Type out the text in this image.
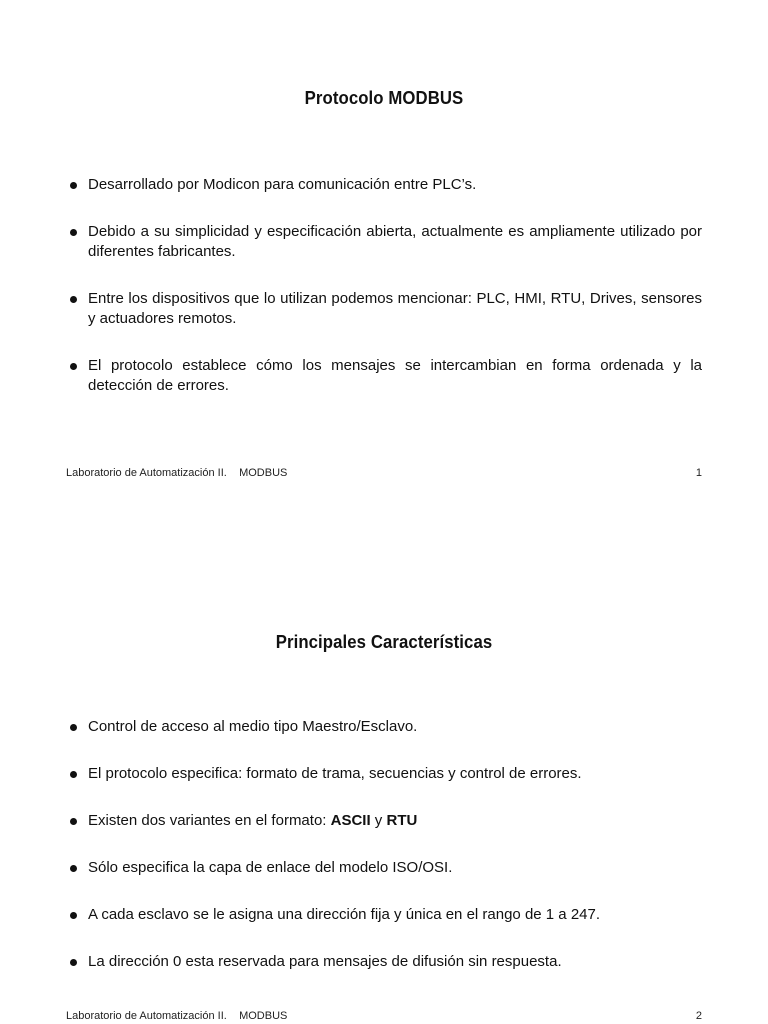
Protocolo MODBUS
Desarrollado por Modicon para comunicación entre PLC’s.
Debido a su simplicidad y especificación abierta, actualmente es ampliamente utilizado por diferentes fabricantes.
Entre los dispositivos que lo utilizan podemos mencionar: PLC, HMI, RTU, Drives, sensores y actuadores remotos.
El protocolo establece cómo los mensajes se intercambian en forma ordenada y la detección de errores.
Laboratorio de Automatización II. MODBUS	1
Principales Características
Control de acceso al medio tipo Maestro/Esclavo.
El protocolo especifica: formato de trama, secuencias y control de errores.
Existen dos variantes en el formato: ASCII y RTU
Sólo especifica la capa de enlace del modelo ISO/OSI.
A cada esclavo se le asigna una dirección fija y única en el rango de 1 a 247.
La dirección 0 esta reservada para mensajes de difusión sin respuesta.
Laboratorio de Automatización II. MODBUS	2
